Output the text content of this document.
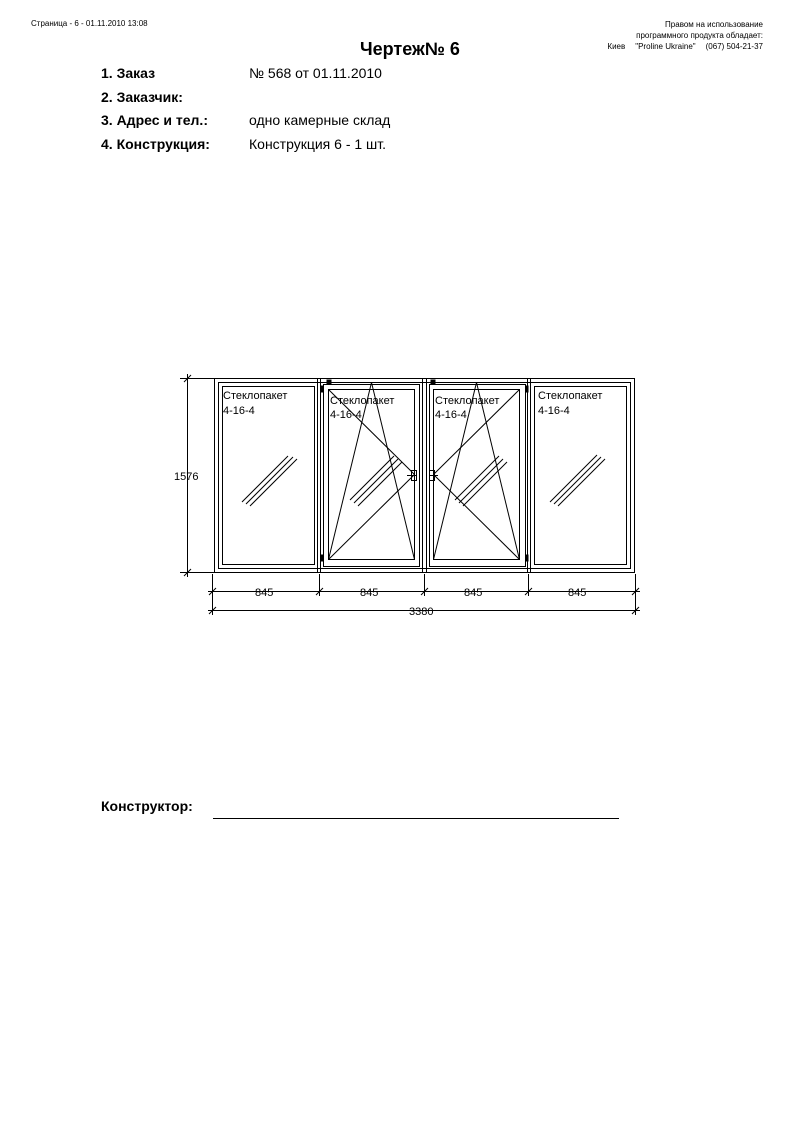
Страница - 6 - 01.11.2010 13:08	Правом на использование
программного продукта обладает:
Киев "Proline Ukraine" (067) 504-21-37
Чертеж№ 6
1. Заказ	№ 568 от 01.11.2010
2. Заказчик:
3. Адрес и тел.:	одно камерные склад
4. Конструкция:	Конструкция 6 - 1 шт.
Стеклопакет
4-16-4
Стеклопакет
4-16-4
Стеклопакет
4-16-4
Стеклопакет
4-16-4
1576
845	845	845	845
3380
Конструктор:
